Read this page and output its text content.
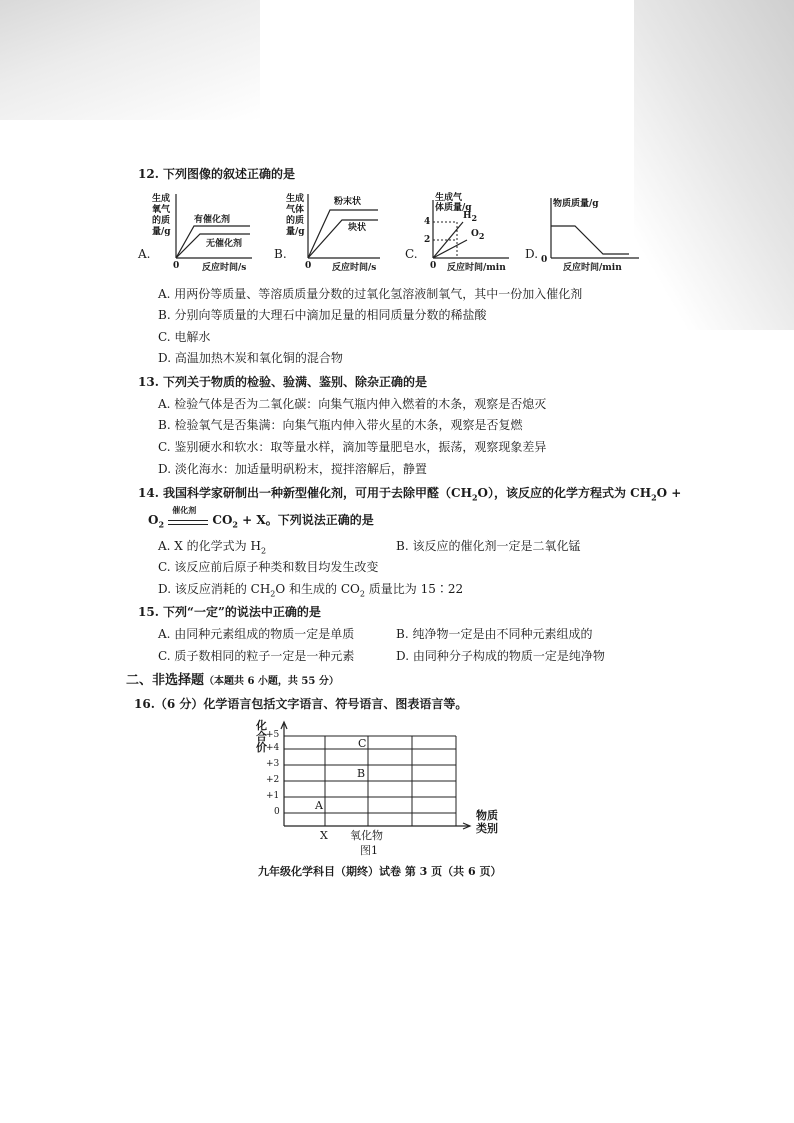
12. 下列图像的叙述正确的是
A.
生成
氧气
的质
量/g
有催化剂
无催化剂
0	反应时间/s
B.
生成
气体
的质
量/g
粉末状
块状
0 反应时间/s
C.
生成气
体质量/g
4
2
$H_2$
$O_2$
0 反应时间/min
D.
物质质量/g
0
反应时间/min
A. 用两份等质量、等溶质质量分数的过氧化氢溶液制氧气，其中一份加入催化剂
B. 分别向等质量的大理石中滴加足量的相同质量分数的稀盐酸
C. 电解水
D. 高温加热木炭和氧化铜的混合物
13. 下列关于物质的检验、验满、鉴别、除杂正确的是
A. 检验气体是否为二氧化碳：向集气瓶内伸入燃着的木条，观察是否熄灭
B. 检验氧气是否集满：向集气瓶内伸入带火星的木条，观察是否复燃
C. 鉴别硬水和软水：取等量水样，滴加等量肥皂水，振荡，观察现象差异
D. 淡化海水：加适量明矾粉末，搅拌溶解后，静置
14. 我国科学家研制出一种新型催化剂，可用于去除甲醛$(CH_2O)$，该反应的化学方程式为 $CH_2O$ +
$O_2$
催化剂
$CO_2 + X$。下列说法正确的是
A. X 的化学式为 $H_2$	B. 该反应的催化剂一定是二氧化锰
C. 该反应前后原子种类和数目均发生改变
D. 该反应消耗的 $CH_2O$ 和生成的 $CO_2$ 质量比为 15∶22
15. 下列“一定”的说法中正确的是
A. 由同种元素组成的物质一定是单质	B. 纯净物一定是由不同种元素组成的
C. 质子数相同的粒子一定是一种元素	D. 由同种分子构成的物质一定是纯净物
二、非选择题（本题共 6 小题，共 55 分）
16.（6 分）化学语言包括文字语言、符号语言、图表语言等。
化
合
价
+5
+4
+3
+2
+1
0	A
B
C
X 氧化物
物质
类别
图1
九年级化学科目（期终）试卷 第 3 页（共 6 页）
